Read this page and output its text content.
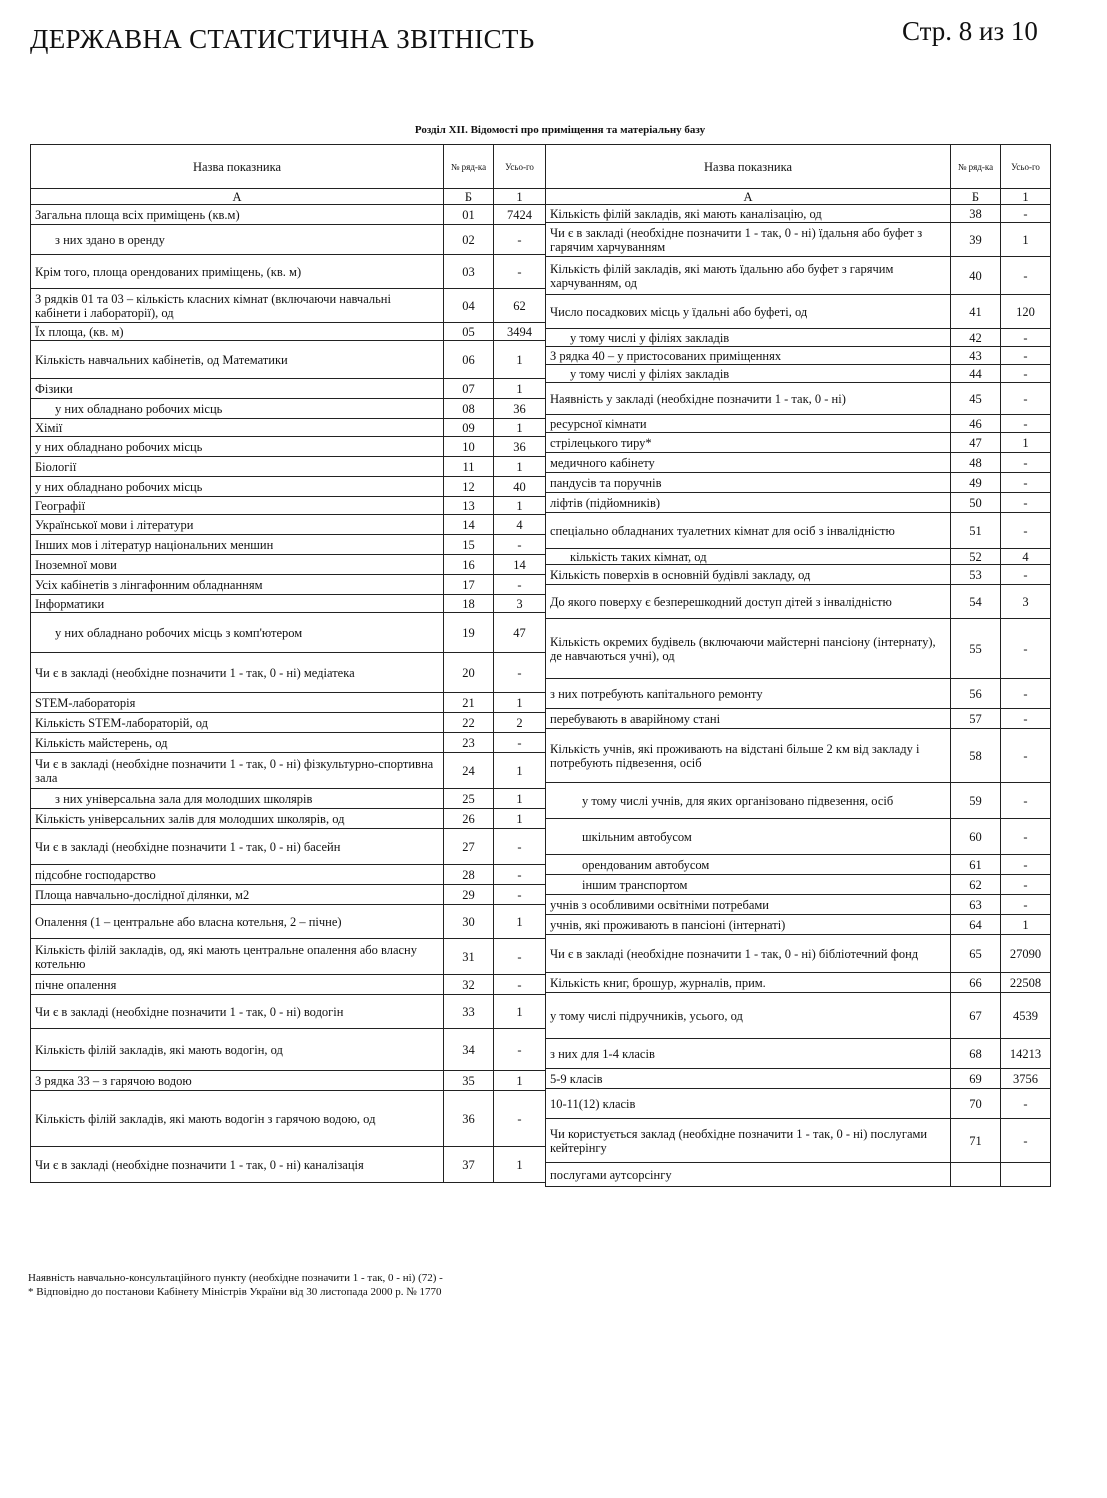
ДЕРЖАВНА СТАТИСТИЧНА ЗВІТНІСТЬ	Стр. 8 из 10
Розділ XII. Відомості про приміщення та матеріальну базу
Назва показника	№ ряд-ка	Усьо-го
А	Б	1
Загальна площа всіх приміщень (кв.м)	01	7424
з них здано в оренду	02	-
Крім того, площа орендованих приміщень, (кв. м)	03	-
З рядків 01 та 03 – кількість класних кімнат (включаючи навчальні кабінети і лабораторії), од	04	62
Їх площа, (кв. м)	05	3494
Кількість навчальних кабінетів, од Математики	06	1
Фізики	07	1
у них обладнано робочих місць	08	36
Хімії	09	1
у них обладнано робочих місць	10	36
Біології	11	1
у них обладнано робочих місць	12	40
Географії	13	1
Української мови і літератури	14	4
Інших мов і літератур національних меншин	15	-
Іноземної мови	16	14
Усіх кабінетів з лінгафонним обладнанням	17	-
Інформатики	18	3
у них обладнано робочих місць з комп'ютером	19	47
Чи є в закладі (необхідне позначити 1 - так, 0 - ні) медіатека	20	-
STEM-лабораторія	21	1
Кількість STEM-лабораторій, од	22	2
Кількість майстерень, од	23	-
Чи є в закладі (необхідне позначити 1 - так, 0 - ні) фізкультурно-спортивна зала	24	1
з них універсальна зала для молодших школярів	25	1
Кількість універсальних залів для молодших школярів, од	26	1
Чи є в закладі (необхідне позначити 1 - так, 0 - ні) басейн	27	-
підсобне господарство	28	-
Площа навчально-дослідної ділянки, м2	29	-
Опалення (1 – центральне або власна котельня, 2 – пічне)	30	1
Кількість філій закладів, од, які мають центральне опалення або власну котельню	31	-
пічне опалення	32	-
Чи є в закладі (необхідне позначити 1 - так, 0 - ні) водогін	33	1
Кількість філій закладів, які мають водогін, од	34	-
З рядка 33 – з гарячою водою	35	1
Кількість філій закладів, які мають водогін з гарячою водою, од	36	-
Чи є в закладі (необхідне позначити 1 - так, 0 - ні) каналізація	37	1
Назва показника	№ ряд-ка	Усьо-го
А	Б	1
Кількість філій закладів, які мають каналізацію, од	38	-
Чи є в закладі (необхідне позначити 1 - так, 0 - ні) їдальня або буфет з гарячим харчуванням	39	1
Кількість філій закладів, які мають їдальню або буфет з гарячим харчуванням, од	40	-
Число посадкових місць у їдальні або буфеті, од	41	120
у тому числі у філіях закладів	42	-
З рядка 40 – у пристосованих приміщеннях	43	-
у тому числі у філіях закладів	44	-
Наявність у закладі (необхідне позначити 1 - так, 0 - ні)	45	-
ресурсної кімнати	46	-
стрілецького тиру*	47	1
медичного кабінету	48	-
пандусів та поручнів	49	-
ліфтів (підйомників)	50	-
спеціально обладнаних туалетних кімнат для осіб з інвалідністю	51	-
кількість таких кімнат, од	52	4
Кількість поверхів в основній будівлі закладу, од	53	-
До якого поверху є безперешкодний доступ дітей з інвалідністю	54	3
Кількість окремих будівель (включаючи майстерні пансіону (інтернату), де навчаються учні), од	55	-
з них потребують капітального ремонту	56	-
перебувають в аварійному стані	57	-
Кількість учнів, які проживають на відстані більше 2 км від закладу і потребують підвезення, осіб	58	-
у тому числі учнів, для яких організовано підвезення, осіб	59	-
шкільним автобусом	60	-
орендованим автобусом	61	-
іншим транспортом	62	-
учнів з особливими освітніми потребами	63	-
учнів, які проживають в пансіоні (інтернаті)	64	1
Чи є в закладі (необхідне позначити 1 - так, 0 - ні) бібліотечний фонд	65	27090
Кількість книг, брошур, журналів, прим.	66	22508
у тому числі підручників, усього, од	67	4539
з них для 1-4 класів	68	14213
5-9 класів	69	3756
10-11(12) класів	70	-
Чи користується заклад (необхідне позначити 1 - так, 0 - ні) послугами кейтерінгу	71	-
послугами аутсорсінгу		
Наявність навчально-консультаційного пункту (необхідне позначити 1 - так, 0 - ні) (72) -
* Відповідно до постанови Кабінету Міністрів України від 30 листопада 2000 р. № 1770
